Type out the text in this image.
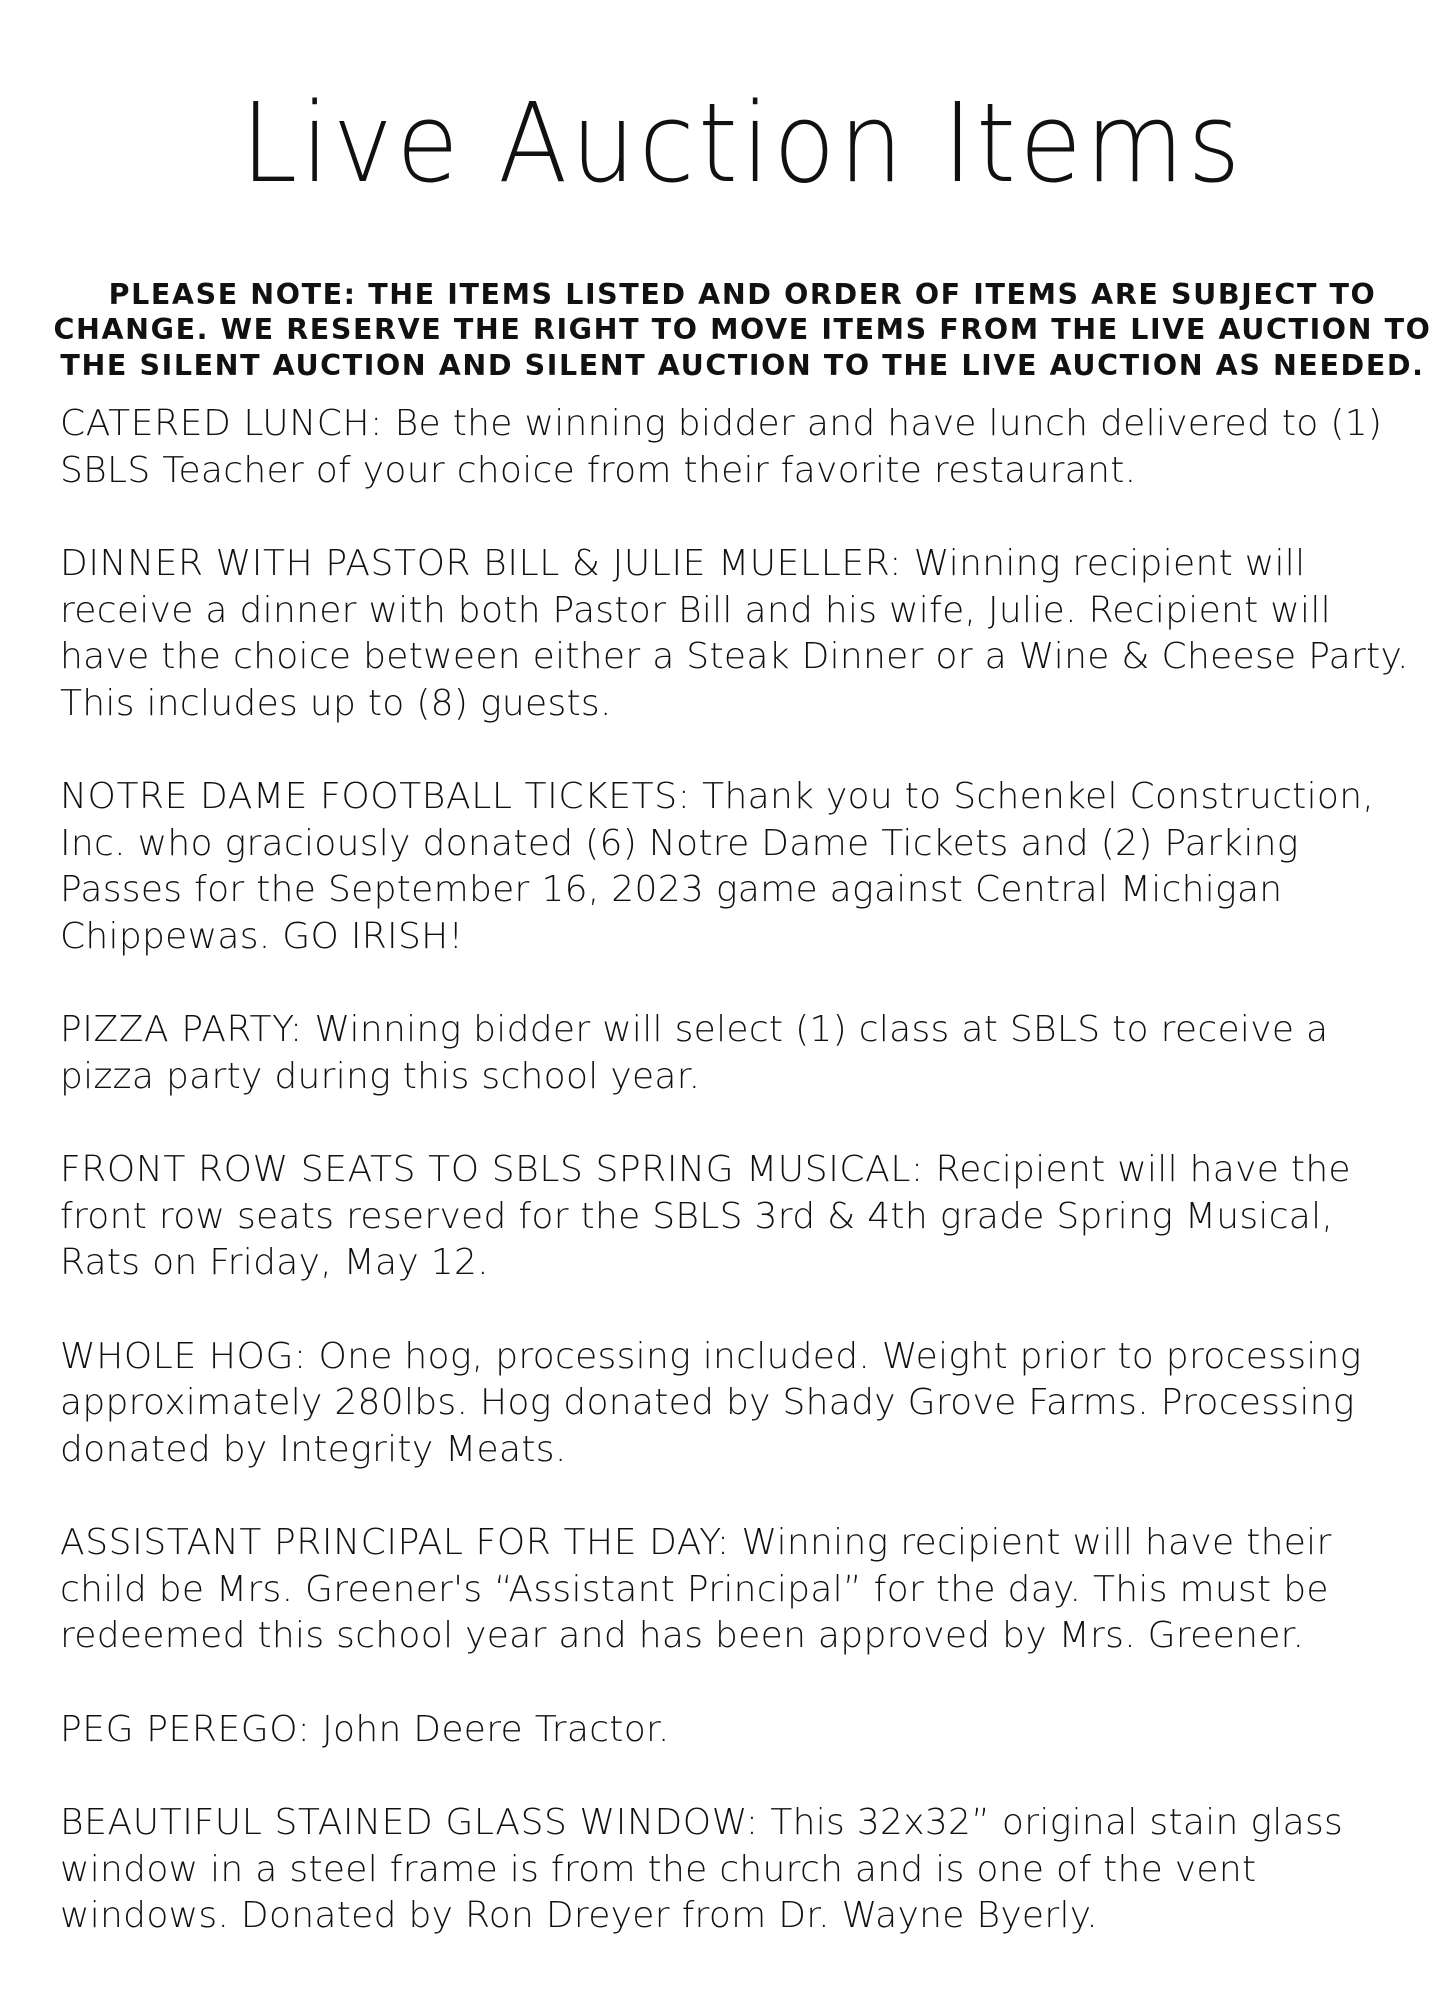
Live Auction Items

PLEASE NOTE: THE ITEMS LISTED AND ORDER OF ITEMS ARE SUBJECT TO CHANGE. WE RESERVE THE RIGHT TO MOVE ITEMS FROM THE LIVE AUCTION TO THE SILENT AUCTION AND SILENT AUCTION TO THE LIVE AUCTION AS NEEDED.

CATERED LUNCH: Be the winning bidder and have lunch delivered to (1) SBLS Teacher of your choice from their favorite restaurant.
DINNER WITH PASTOR BILL & JULIE MUELLER: Winning recipient will receive a dinner with both Pastor Bill and his wife, Julie. Recipient will have the choice between either a Steak Dinner or a Wine & Cheese Party. This includes up to (8) guests.
NOTRE DAME FOOTBALL TICKETS: Thank you to Schenkel Construction, Inc. who graciously donated (6) Notre Dame Tickets and (2) Parking Passes for the September 16, 2023 game against Central Michigan Chippewas. GO IRISH!
PIZZA PARTY: Winning bidder will select (1) class at SBLS to receive a pizza party during this school year.
FRONT ROW SEATS TO SBLS SPRING MUSICAL: Recipient will have the front row seats reserved for the SBLS 3rd & 4th grade Spring Musical, Rats on Friday, May 12.
WHOLE HOG: One hog, processing included. Weight prior to processing approximately 280lbs. Hog donated by Shady Grove Farms. Processing donated by Integrity Meats.
ASSISTANT PRINCIPAL FOR THE DAY: Winning recipient will have their child be Mrs. Greener's “Assistant Principal” for the day. This must be redeemed this school year and has been approved by Mrs. Greener.
PEG PEREGO: John Deere Tractor.
BEAUTIFUL STAINED GLASS WINDOW: This 32x32” original stain glass window in a steel frame is from the church and is one of the vent windows. Donated by Ron Dreyer from Dr. Wayne Byerly.
